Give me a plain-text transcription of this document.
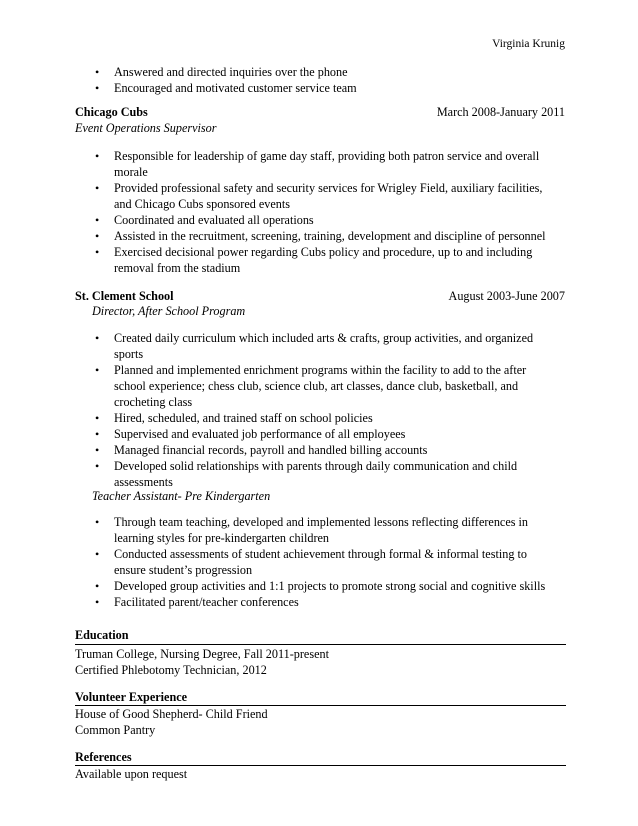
Virginia Krunig
• Answered and directed inquiries over the phone
• Encouraged and motivated customer service team
Chicago Cubs	March 2008-January 2011
Event Operations Supervisor
• Responsible for leadership of game day staff, providing both patron service and overall morale
• Provided professional safety and security services for Wrigley Field, auxiliary facilities, and Chicago Cubs sponsored events
• Coordinated and evaluated all operations
• Assisted in the recruitment, screening, training, development and discipline of personnel
• Exercised decisional power regarding Cubs policy and procedure, up to and including removal from the stadium
St. Clement School	August 2003-June 2007
Director, After School Program
• Created daily curriculum which included arts & crafts, group activities, and organized sports
• Planned and implemented enrichment programs within the facility to add to the after school experience; chess club, science club, art classes, dance club, basketball, and crocheting class
• Hired, scheduled, and trained staff on school policies
• Supervised and evaluated job performance of all employees
• Managed financial records, payroll and handled billing accounts
• Developed solid relationships with parents through daily communication and child assessments
Teacher Assistant- Pre Kindergarten
• Through team teaching, developed and implemented lessons reflecting differences in learning styles for pre-kindergarten children
• Conducted assessments of student achievement through formal & informal testing to ensure student’s progression
• Developed group activities and 1:1 projects to promote strong social and cognitive skills
• Facilitated parent/teacher conferences
Education
Truman College, Nursing Degree, Fall 2011-present
Certified Phlebotomy Technician, 2012
Volunteer Experience
House of Good Shepherd- Child Friend
Common Pantry
References
Available upon request
